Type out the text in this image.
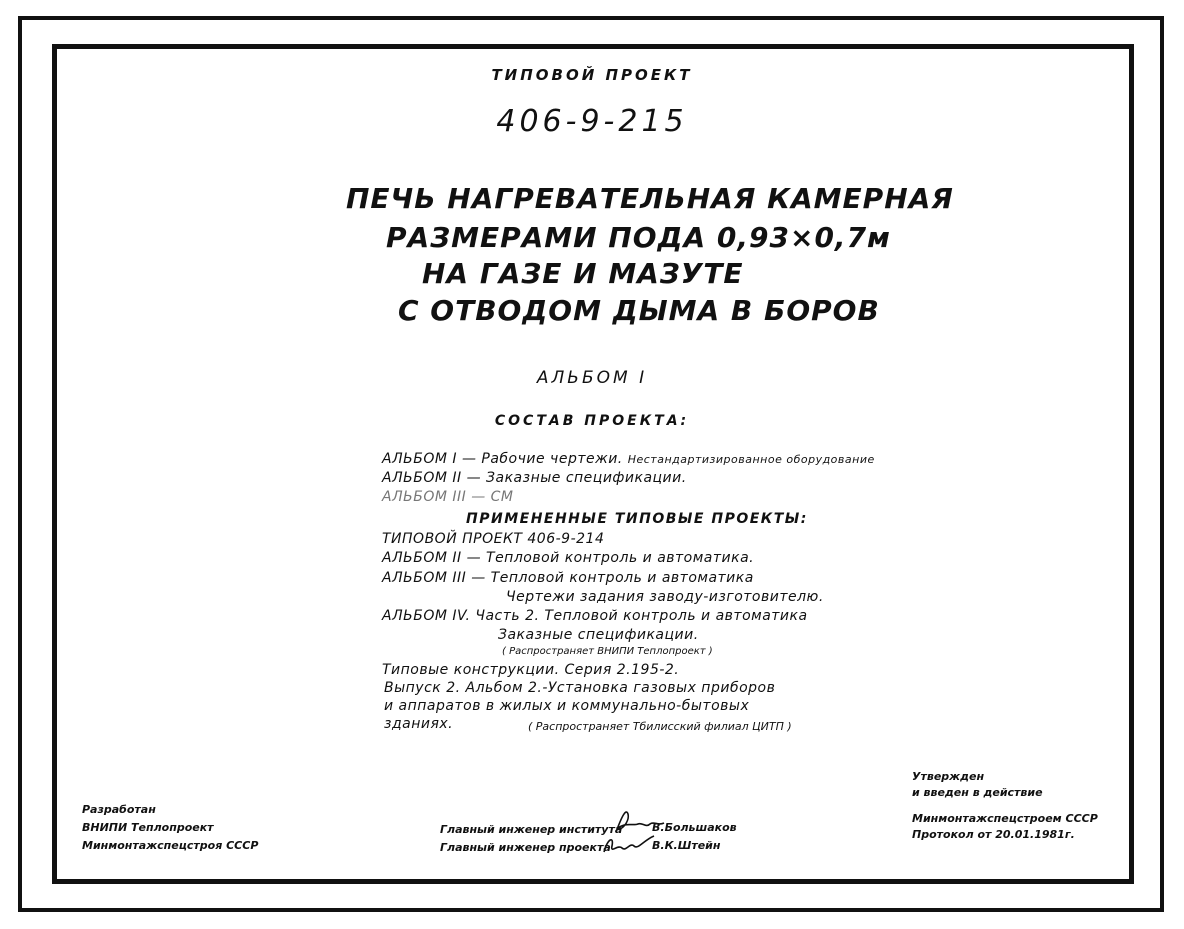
ТИПОВОЙ ПРОЕКТ
406-9-215
ПЕЧЬ НАГРЕВАТЕЛЬНАЯ КАМЕРНАЯ
РАЗМЕРАМИ ПОДА 0,93×0,7м
НА ГАЗЕ И МАЗУТЕ
С ОТВОДОМ ДЫМА В БОРОВ
АЛЬБОМ I
СОСТАВ ПРОЕКТА:
АЛЬБОМ I — Рабочие чертежи. Нестандартизированное оборудование
АЛЬБОМ II — Заказные спецификации.
АЛЬБОМ III — СМ
ПРИМЕНЕННЫЕ ТИПОВЫЕ ПРОЕКТЫ:
ТИПОВОЙ ПРОЕКТ 406-9-214
АЛЬБОМ II — Тепловой контроль и автоматика.
АЛЬБОМ III — Тепловой контроль и автоматика
Чертежи задания заводу-изготовителю.
АЛЬБОМ IV. Часть 2. Тепловой контроль и автоматика
Заказные спецификации.
( Распространяет ВНИПИ Теплопроект )
Типовые конструкции. Серия 2.195-2.
Выпуск 2. Альбом 2.-Установка газовых приборов
и аппаратов в жилых и коммунально-бытовых
зданиях.	( Распространяет Тбилисский филиал ЦИТП )
Разработан
ВНИПИ Теплопроект
Минмонтажспецстроя СССР
Главный инженер института	В.Большаков
Главный инженер проекта	В.К.Штейн
Утвержден
и введен в действие
Минмонтажспецстроем СССР
Протокол от 20.01.1981г.
